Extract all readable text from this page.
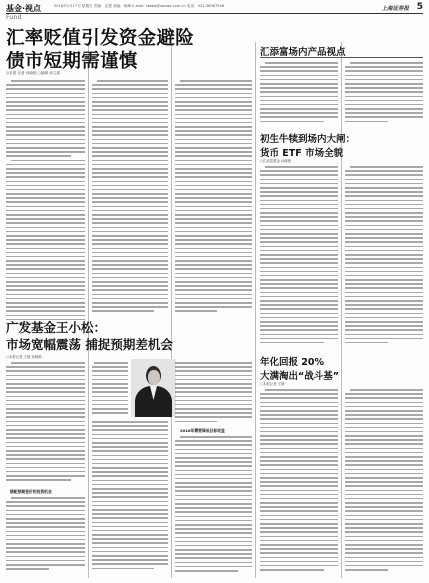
基金·视点	2016年1月17日 星期日 责编：孟建 美编：杨峰 E-mail: stweq@sanwe.com.cn 电话：021-38967536	上海证券报 5
Fund
汇率贬值引发资金避险
债市短期需谨慎
◎本报 记者 孙晓艳 ○编辑 汤立斌
广发基金王小松：
市场宽幅震荡 捕捉预期差机会
○本报记者 王晓 孙晓艳
错配预期差价的投资机会
2016年需要降低目标收益
汇添富场内产品视点
初生牛犊到场内大闸：
货币 ETF 市场全貌
○汇添富基金 孙晓艳
年化回报 20%
大满淘出“战斗基”
○本报记者 王晓
